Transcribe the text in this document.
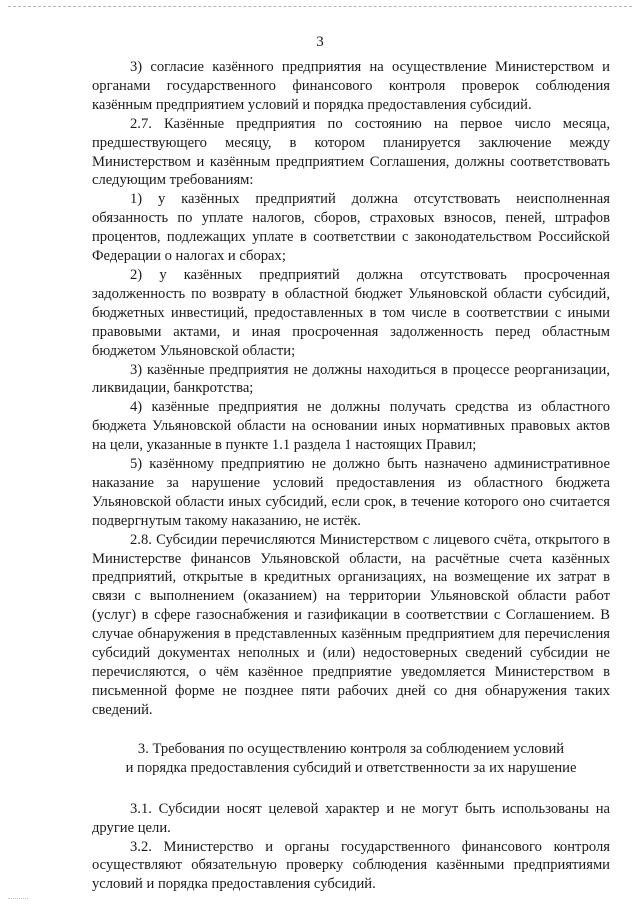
3

3) согласие казённого предприятия на осуществление Министерством и органами государственного финансового контроля проверок соблюдения казённым предприятием условий и порядка предоставления субсидий.

2.7. Казённые предприятия по состоянию на первое число месяца, предшествующего месяцу, в котором планируется заключение между Министерством и казённым предприятием Соглашения, должны соответствовать следующим требованиям:

1) у казённых предприятий должна отсутствовать неисполненная обязанность по уплате налогов, сборов, страховых взносов, пеней, штрафов процентов, подлежащих уплате в соответствии с законодательством Российской Федерации о налогах и сборах;

2) у казённых предприятий должна отсутствовать просроченная задолженность по возврату в областной бюджет Ульяновской области субсидий, бюджетных инвестиций, предоставленных в том числе в соответствии с иными правовыми актами, и иная просроченная задолженность перед областным бюджетом Ульяновской области;

3) казённые предприятия не должны находиться в процессе реорганизации, ликвидации, банкротства;

4) казённые предприятия не должны получать средства из областного бюджета Ульяновской области на основании иных нормативных правовых актов на цели, указанные в пункте 1.1 раздела 1 настоящих Правил;

5) казённому предприятию не должно быть назначено административное наказание за нарушение условий предоставления из областного бюджета Ульяновской области иных субсидий, если срок, в течение которого оно считается подвергнутым такому наказанию, не истёк.

2.8. Субсидии перечисляются Министерством с лицевого счёта, открытого в Министерстве финансов Ульяновской области, на расчётные счета казённых предприятий, открытые в кредитных организациях, на возмещение их затрат в связи с выполнением (оказанием) на территории Ульяновской области работ (услуг) в сфере газоснабжения и газификации в соответствии с Соглашением. В случае обнаружения в представленных казённым предприятием для перечисления субсидий документах неполных и (или) недостоверных сведений субсидии не перечисляются, о чём казённое предприятие уведомляется Министерством в письменной форме не позднее пяти рабочих дней со дня обнаружения таких сведений.

3. Требования по осуществлению контроля за соблюдением условий
и порядка предоставления субсидий и ответственности за их нарушение

3.1. Субсидии носят целевой характер и не могут быть использованы на другие цели.

3.2. Министерство и органы государственного финансового контроля осуществляют обязательную проверку соблюдения казёнными предприятиями условий и порядка предоставления субсидий.
